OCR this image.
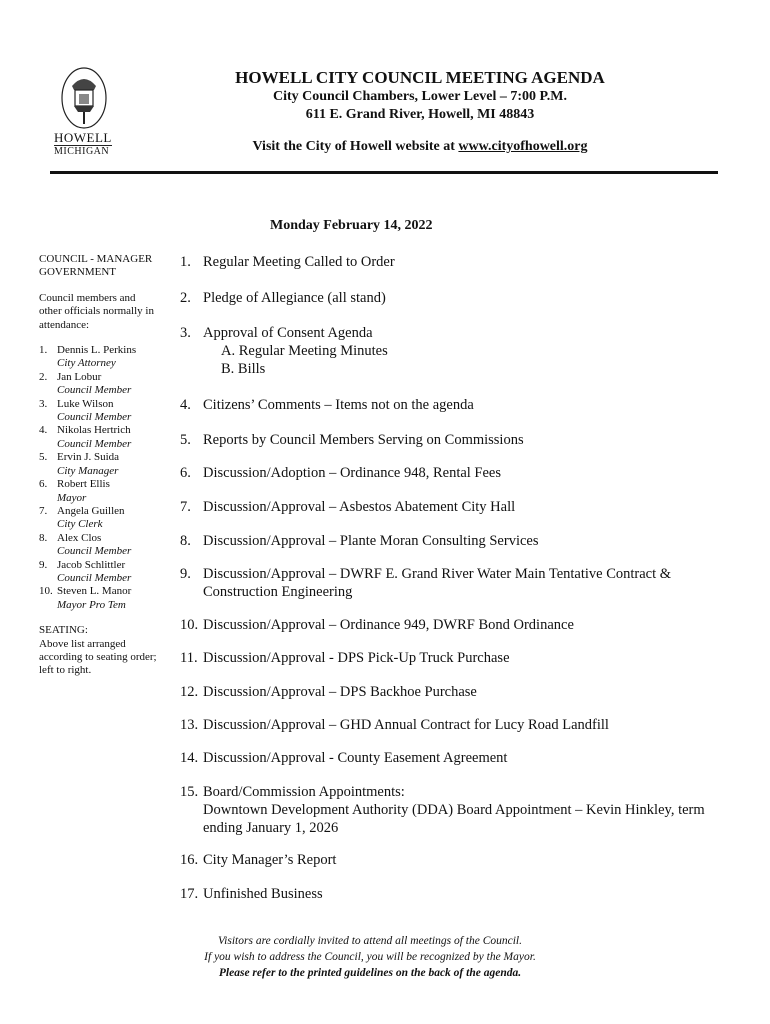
HOWELL
MICHIGAN
HOWELL CITY COUNCIL MEETING AGENDA
City Council Chambers, Lower Level – 7:00 P.M.
611 E. Grand River, Howell, MI 48843
Visit the City of Howell website at www.cityofhowell.org
Monday February 14, 2022

COUNCIL - MANAGER GOVERNMENT

Council members and other officials normally in attendance:

1. Dennis L. Perkins
City Attorney
2. Jan Lobur
Council Member
3. Luke Wilson
Council Member
4. Nikolas Hertrich
Council Member
5. Ervin J. Suida
City Manager
6. Robert Ellis
Mayor
7. Angela Guillen
City Clerk
8. Alex Clos
Council Member
9. Jacob Schlittler
Council Member
10. Steven L. Manor
Mayor Pro Tem

SEATING:

Above list arranged according to seating order; left to right.

1. Regular Meeting Called to Order
2. Pledge of Allegiance (all stand)
3. Approval of Consent Agenda
A. Regular Meeting Minutes
B. Bills
4. Citizens’ Comments – Items not on the agenda
5. Reports by Council Members Serving on Commissions
6. Discussion/Adoption – Ordinance 948, Rental Fees
7. Discussion/Approval – Asbestos Abatement City Hall
8. Discussion/Approval – Plante Moran Consulting Services
9. Discussion/Approval – DWRF E. Grand River Water Main Tentative Contract & Construction Engineering
10. Discussion/Approval – Ordinance 949, DWRF Bond Ordinance
11. Discussion/Approval - DPS Pick-Up Truck Purchase
12. Discussion/Approval – DPS Backhoe Purchase
13. Discussion/Approval – GHD Annual Contract for Lucy Road Landfill
14. Discussion/Approval - County Easement Agreement
15. Board/Commission Appointments:
Downtown Development Authority (DDA) Board Appointment – Kevin Hinkley, term ending January 1, 2026
16. City Manager’s Report
17. Unfinished Business
Visitors are cordially invited to attend all meetings of the Council.
If you wish to address the Council, you will be recognized by the Mayor.
Please refer to the printed guidelines on the back of the agenda.
